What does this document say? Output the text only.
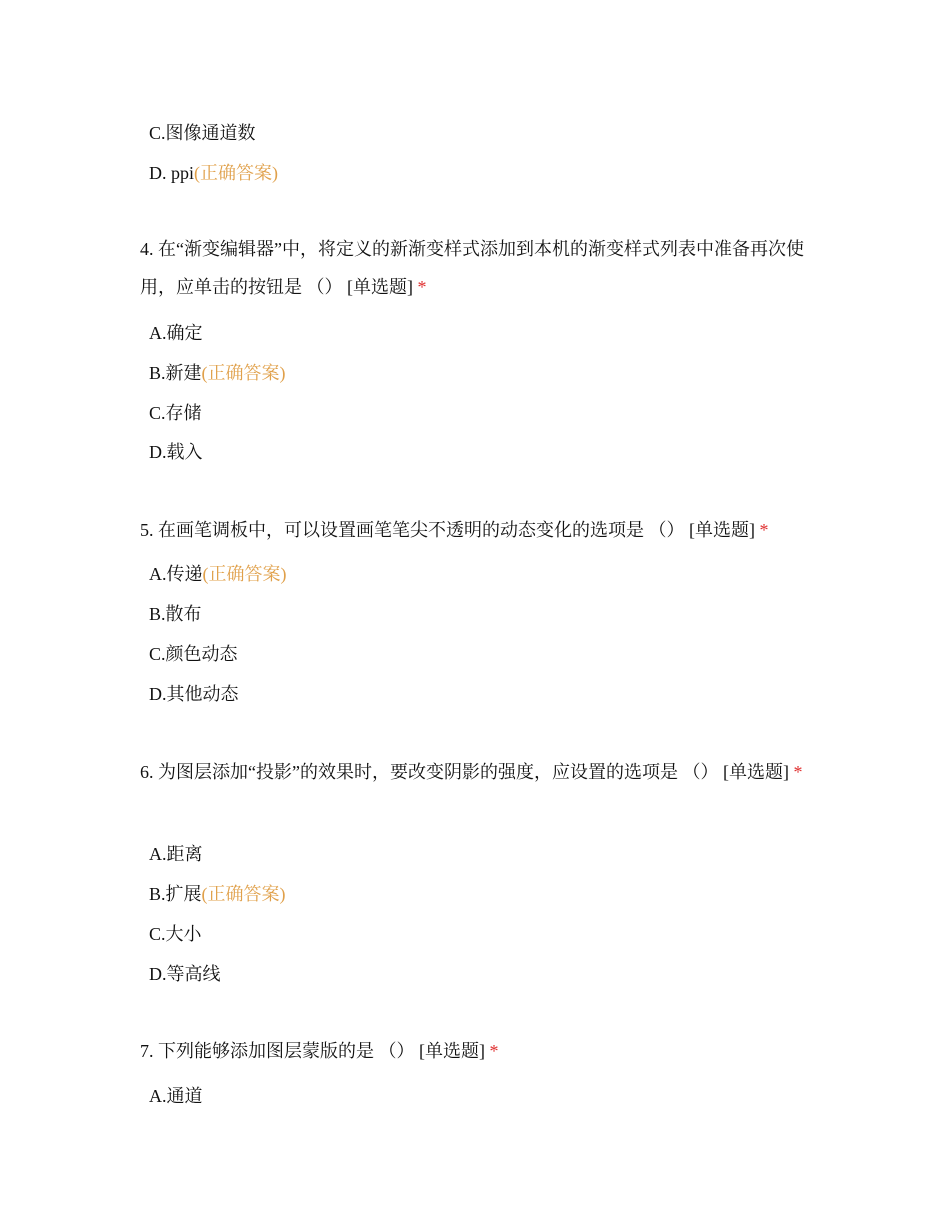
C.图像通道数
D. ppi(正确答案)
4. 在“渐变编辑器”中，将定义的新渐变样式添加到本机的渐变样式列表中准备再次使用，应单击的按钮是 （） [单选题] *
A.确定
B.新建(正确答案)
C.存储
D.载入
5. 在画笔调板中，可以设置画笔笔尖不透明的动态变化的选项是 （） [单选题] *
A.传递(正确答案)
B.散布
C.颜色动态
D.其他动态
6. 为图层添加“投影”的效果时，要改变阴影的强度，应设置的选项是 （） [单选题] *
A.距离
B.扩展(正确答案)
C.大小
D.等高线
7. 下列能够添加图层蒙版的是 （） [单选题] *
A.通道
